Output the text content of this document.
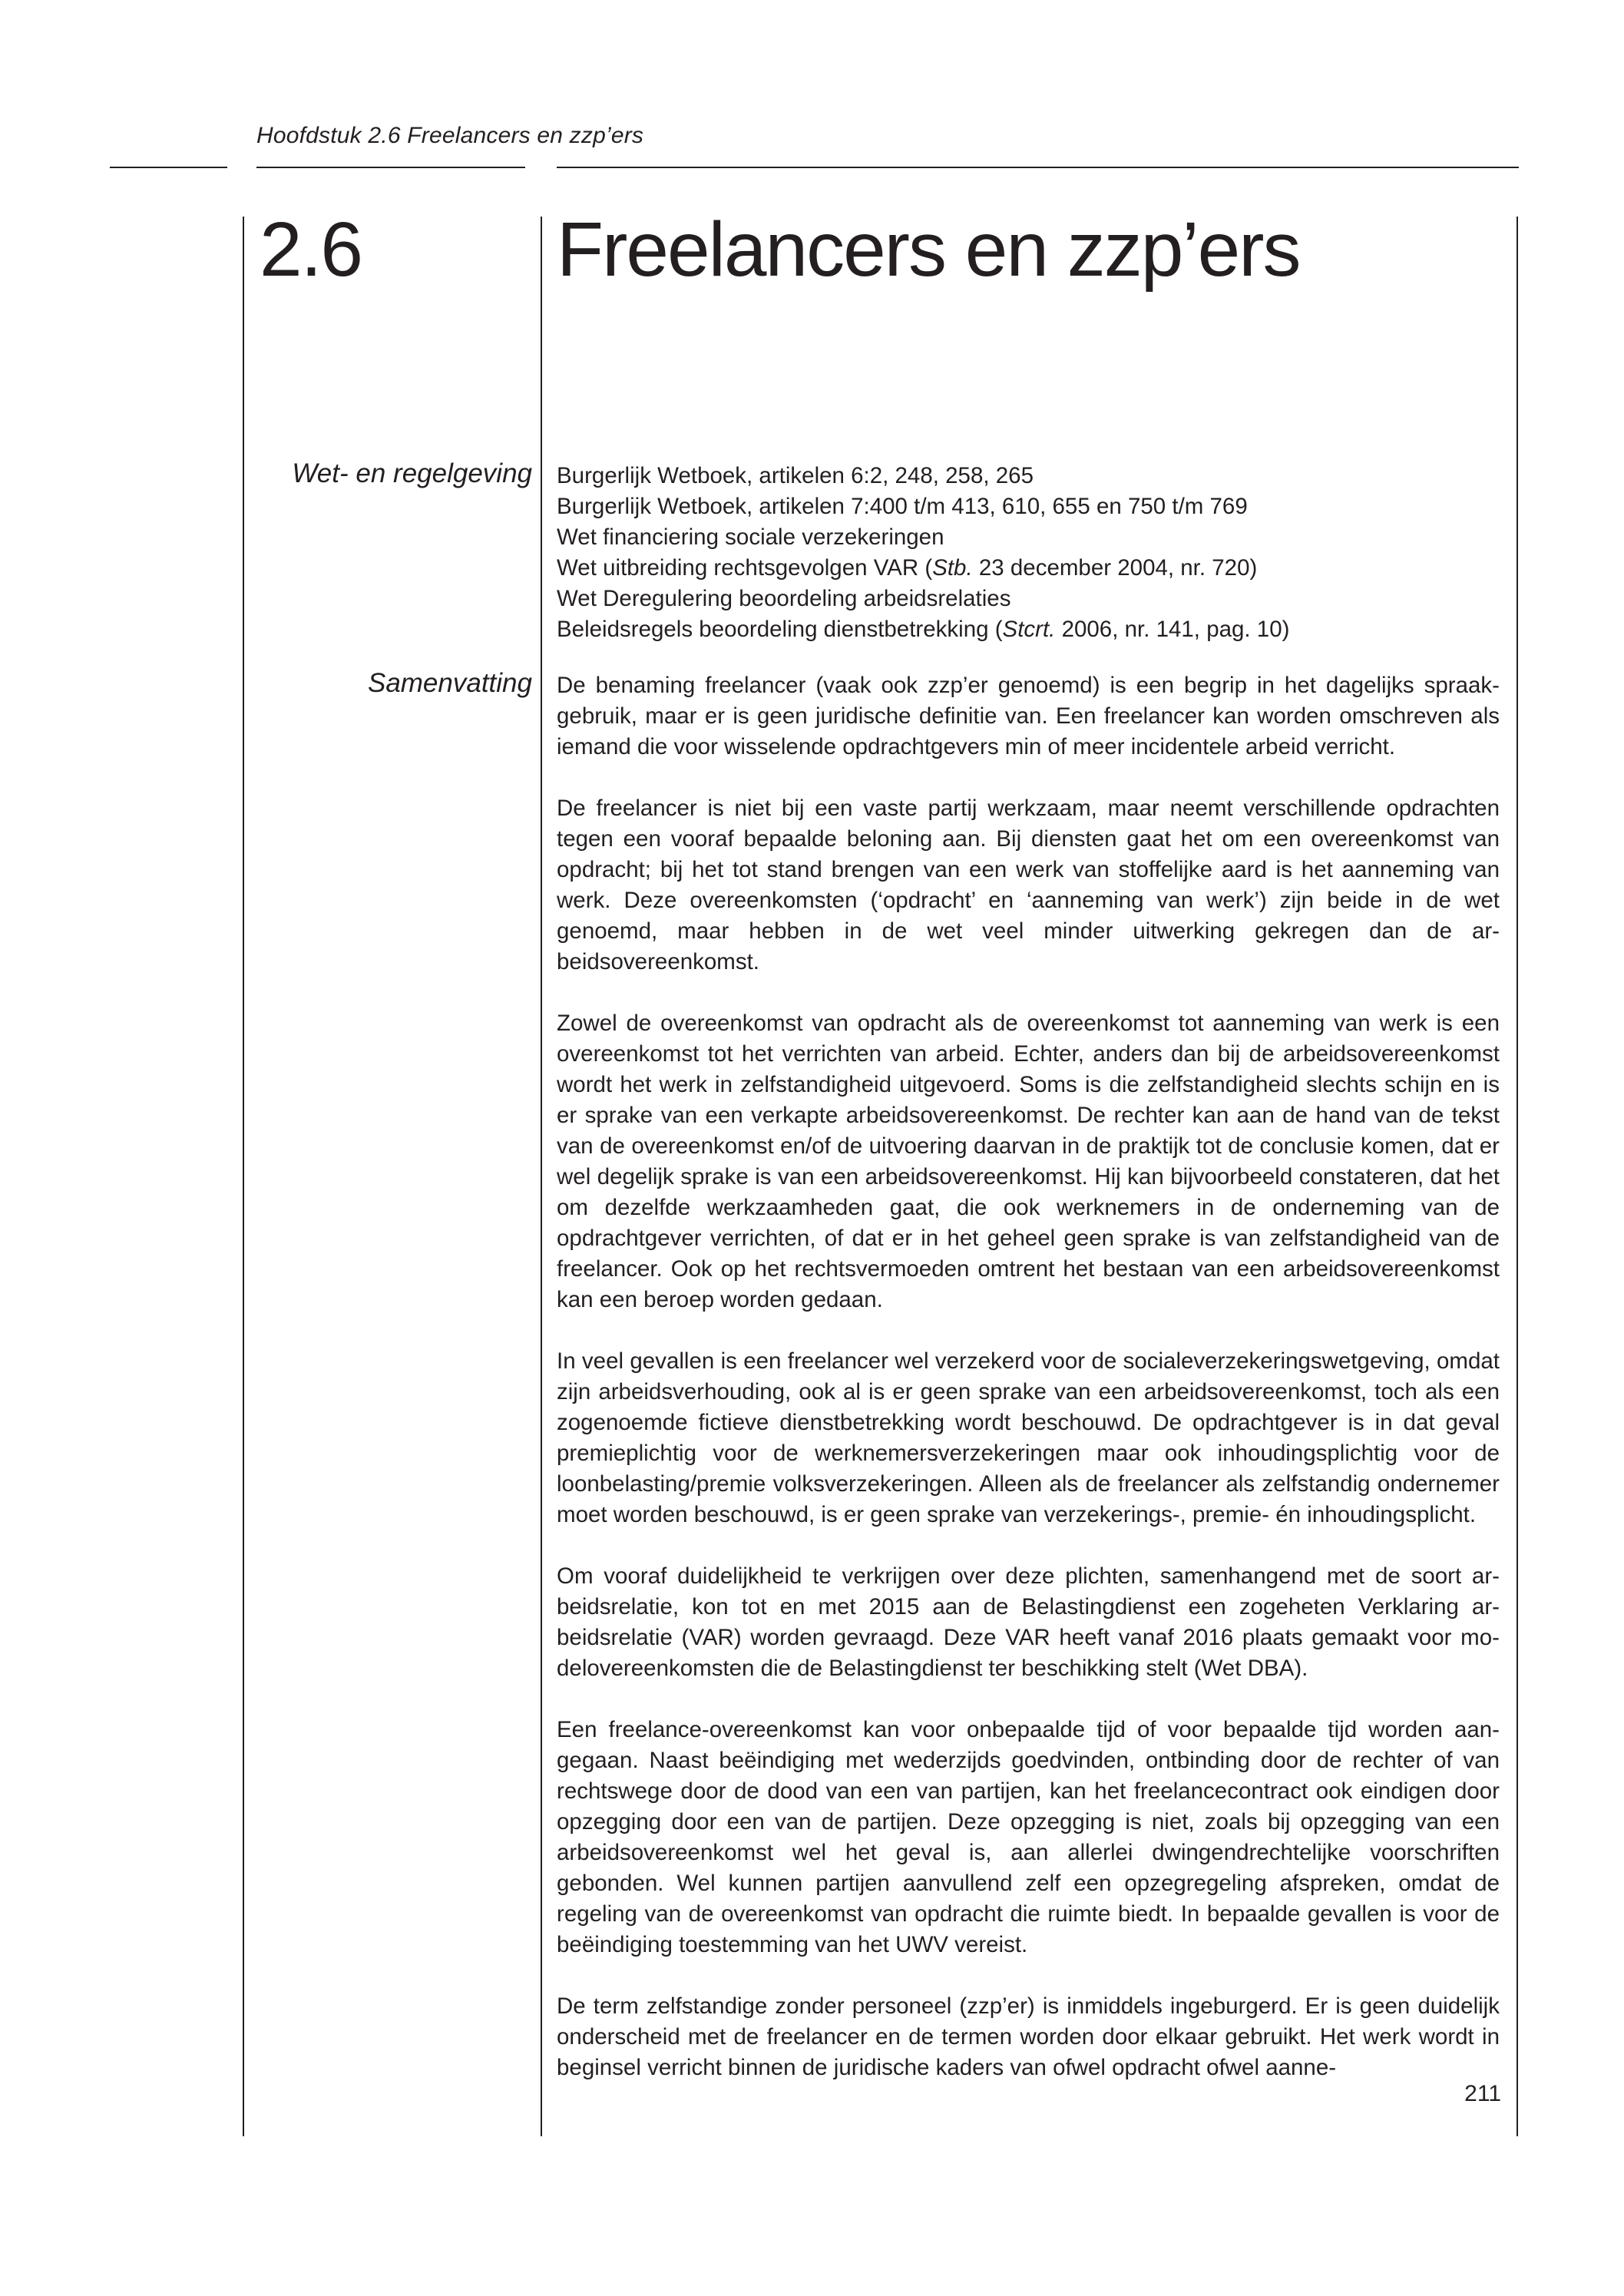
Hoofdstuk 2.6 Freelancers en zzp’ers
2.6	Freelancers en zzp’ers
Wet- en regelgeving
Samenvatting
Burgerlijk Wetboek, artikelen 6:2, 248, 258, 265
Burgerlijk Wetboek, artikelen 7:400 t/m 413, 610, 655 en 750 t/m 769
Wet financiering sociale verzekeringen
Wet uitbreiding rechtsgevolgen VAR (Stb. 23 december 2004, nr. 720)
Wet Deregulering beoordeling arbeidsrelaties
Beleidsregels beoordeling dienstbetrekking (Stcrt. 2006, nr. 141, pag. 10)

De benaming freelancer (vaak ook zzp’er genoemd) is een begrip in het dagelijks spraakgebruik, maar er is geen juridische definitie van. Een freelancer kan worden omschreven als iemand die voor wisselende opdrachtgevers min of meer incidentele arbeid verricht.

De freelancer is niet bij een vaste partij werkzaam, maar neemt verschillende opdrachten tegen een vooraf bepaalde beloning aan. Bij diensten gaat het om een overeenkomst van opdracht; bij het tot stand brengen van een werk van stoffelijke aard is het aanneming van werk. Deze overeenkomsten (‘opdracht’ en ‘aanneming van werk’) zijn beide in de wet genoemd, maar hebben in de wet veel minder uitwerking gekregen dan de arbeidsovereenkomst.

Zowel de overeenkomst van opdracht als de overeenkomst tot aanneming van werk is een overeenkomst tot het verrichten van arbeid. Echter, anders dan bij de arbeidsovereenkomst wordt het werk in zelfstandigheid uitgevoerd. Soms is die zelfstandigheid slechts schijn en is er sprake van een verkapte arbeidsovereenkomst. De rechter kan aan de hand van de tekst van de overeenkomst en/of de uitvoering daarvan in de praktijk tot de conclusie komen, dat er wel degelijk sprake is van een arbeidsovereenkomst. Hij kan bijvoorbeeld constateren, dat het om dezelfde werkzaamheden gaat, die ook werknemers in de onderneming van de opdrachtgever verrichten, of dat er in het geheel geen sprake is van zelfstandigheid van de freelancer. Ook op het rechtsvermoeden omtrent het bestaan van een arbeidsovereenkomst kan een beroep worden gedaan.

In veel gevallen is een freelancer wel verzekerd voor de socialeverzekeringswetgeving, omdat zijn arbeidsverhouding, ook al is er geen sprake van een arbeidsovereenkomst, toch als een zogenoemde fictieve dienstbetrekking wordt beschouwd. De opdrachtgever is in dat geval premieplichtig voor de werknemersverzekeringen maar ook inhoudingsplichtig voor de loonbelasting/premie volksverzekeringen. Alleen als de freelancer als zelfstandig ondernemer moet worden beschouwd, is er geen sprake van verzekerings-, premie- én inhoudingsplicht.

Om vooraf duidelijkheid te verkrijgen over deze plichten, samenhangend met de soort arbeidsrelatie, kon tot en met 2015 aan de Belastingdienst een zogeheten Verklaring arbeidsrelatie (VAR) worden gevraagd. Deze VAR heeft vanaf 2016 plaats gemaakt voor modelovereenkomsten die de Belastingdienst ter beschikking stelt (Wet DBA).

Een freelance-overeenkomst kan voor onbepaalde tijd of voor bepaalde tijd worden aangegaan. Naast beëindiging met wederzijds goedvinden, ontbinding door de rechter of van rechtswege door de dood van een van partijen, kan het freelancecontract ook eindigen door opzegging door een van de partijen. Deze opzegging is niet, zoals bij opzegging van een arbeidsovereenkomst wel het geval is, aan allerlei dwingendrechtelijke voorschriften gebonden. Wel kunnen partijen aanvullend zelf een opzegregeling afspreken, omdat de regeling van de overeenkomst van opdracht die ruimte biedt. In bepaalde gevallen is voor de beëindiging toestemming van het UWV vereist.

De term zelfstandige zonder personeel (zzp’er) is inmiddels ingeburgerd. Er is geen duidelijk onderscheid met de freelancer en de termen worden door elkaar gebruikt. Het werk wordt in beginsel verricht binnen de juridische kaders van ofwel opdracht ofwel aanne-

211
